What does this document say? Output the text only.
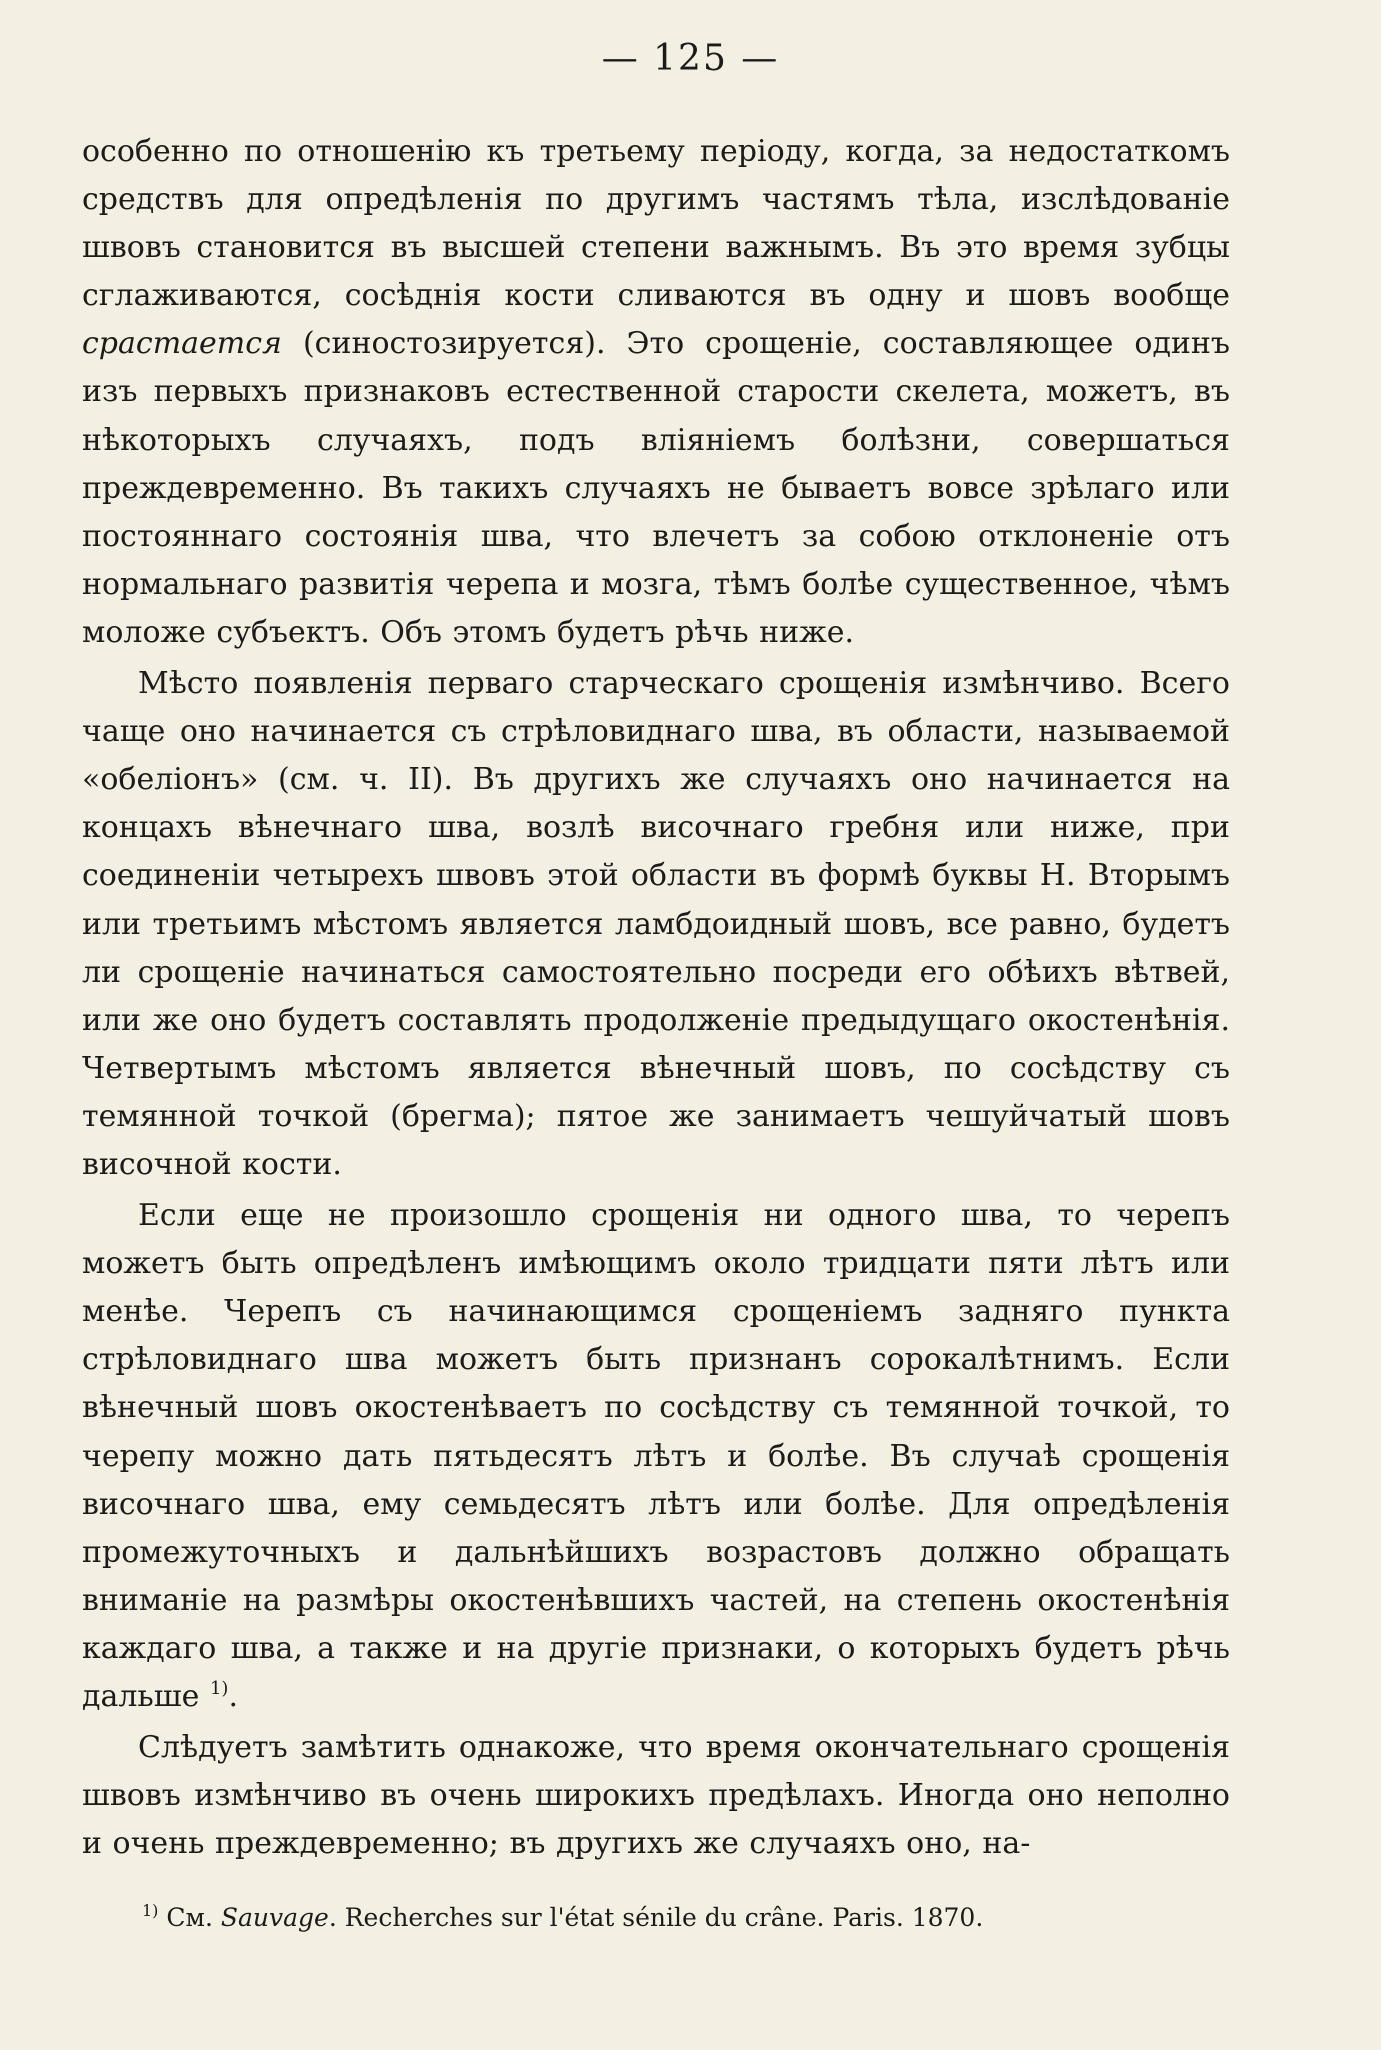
— 125 —

особенно по отношенію къ третьему періоду, когда, за недостаткомъ средствъ для опредѣленія по другимъ частямъ тѣла, изслѣдованіе швовъ становится въ высшей степени важнымъ. Въ это время зубцы сглаживаются, сосѣднія кости сливаются въ одну и шовъ вообще срастается (синостозируется). Это срощеніе, составляющее одинъ изъ первыхъ признаковъ естественной старости скелета, можетъ, въ нѣкоторыхъ случаяхъ, подъ вліяніемъ болѣзни, совершаться преждевременно. Въ такихъ случаяхъ не бываетъ вовсе зрѣлаго или постояннаго состоянія шва, что влечетъ за собою отклоненіе отъ нормальнаго развитія черепа и мозга, тѣмъ болѣе существенное, чѣмъ моложе субъектъ. Объ этомъ будетъ рѣчь ниже.

Мѣсто появленія перваго старческаго срощенія измѣнчиво. Всего чаще оно начинается съ стрѣловиднаго шва, въ области, называемой «обеліонъ» (см. ч. II). Въ другихъ же случаяхъ оно начинается на концахъ вѣнечнаго шва, возлѣ височнаго гребня или ниже, при соединеніи четырехъ швовъ этой области въ формѣ буквы H. Вторымъ или третьимъ мѣстомъ является ламбдоидный шовъ, все равно, будетъ ли срощеніе начинаться самостоятельно посреди его обѣихъ вѣтвей, или же оно будетъ составлять продолженіе предыдущаго окостенѣнія. Четвертымъ мѣстомъ является вѣнечный шовъ, по сосѣдству съ темянной точкой (брегма); пятое же занимаетъ чешуйчатый шовъ височной кости.

Если еще не произошло срощенія ни одного шва, то черепъ можетъ быть опредѣленъ имѣющимъ около тридцати пяти лѣтъ или менѣе. Черепъ съ начинающимся срощеніемъ задняго пункта стрѣловиднаго шва можетъ быть признанъ сорокалѣтнимъ. Если вѣнечный шовъ окостенѣваетъ по сосѣдству съ темянной точкой, то черепу можно дать пятьдесятъ лѣтъ и болѣе. Въ случаѣ срощенія височнаго шва, ему семьдесятъ лѣтъ или болѣе. Для опредѣленія промежуточныхъ и дальнѣйшихъ возрастовъ должно обращать вниманіе на размѣры окостенѣвшихъ частей, на степень окостенѣнія каждаго шва, а также и на другіе признаки, о которыхъ будетъ рѣчь дальше $^{1)}$.

Слѣдуетъ замѣтить однакоже, что время окончательнаго срощенія швовъ измѣнчиво въ очень широкихъ предѣлахъ. Иногда оно неполно и очень преждевременно; въ другихъ же случаяхъ оно, на-

$^{1)}$ См. Sauvage. Recherches sur l'état sénile du crâne. Paris. 1870.
